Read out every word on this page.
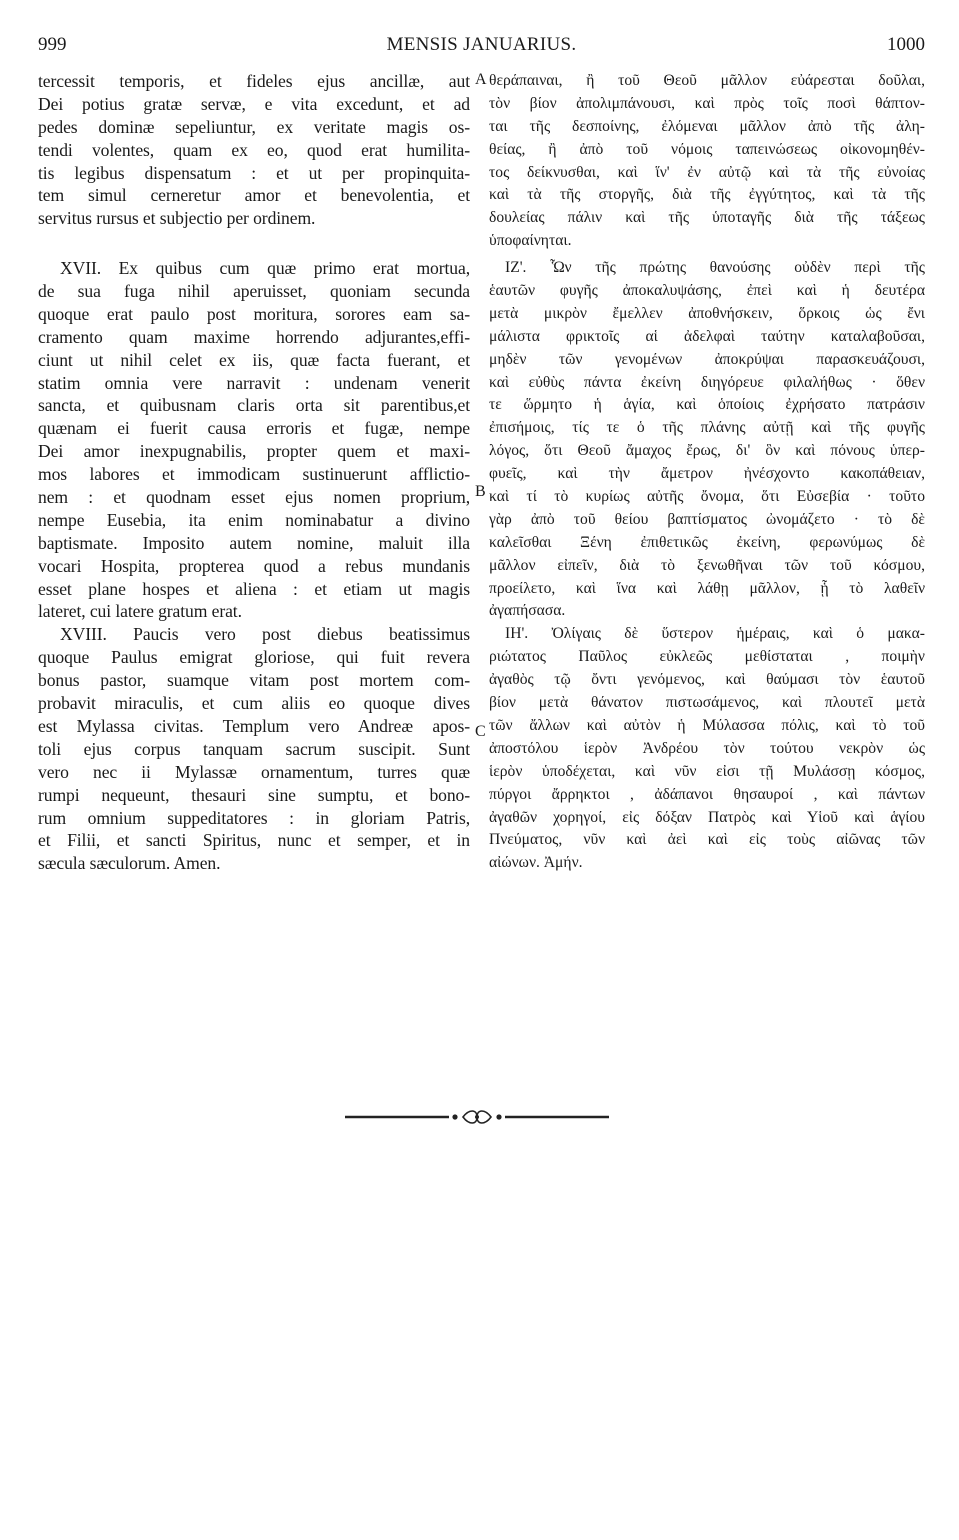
999	MENSIS JANUARIUS.	1000
A
B
C
tercessit temporis, et fideles ejus ancillæ, aut
Dei potius gratæ servæ, e vita excedunt, et ad
pedes dominæ sepeliuntur, ex veritate magis os-
tendi volentes, quam ex eo, quod erat humilita-
tis legibus dispensatum : et ut per propinquita-
tem simul cerneretur amor et benevolentia, et
servitus rursus et subjectio per ordinem.
XVII. Ex quibus cum quæ primo erat mortua,
de sua fuga nihil aperuisset, quoniam secunda
quoque erat paulo post moritura, sorores eam sa-
cramento quam maxime horrendo adjurantes,effi-
ciunt ut nihil celet ex iis, quæ facta fuerant, et
statim omnia vere narravit : undenam venerit
sancta, et quibusnam claris orta sit parentibus,et
quænam ei fuerit causa erroris et fugæ, nempe
Dei amor inexpugnabilis, propter quem et maxi-
mos labores et immodicam sustinuerunt afflictio-
nem : et quodnam esset ejus nomen proprium,
nempe Eusebia, ita enim nominabatur a divino
baptismate. Imposito autem nomine, maluit illa
vocari Hospita, propterea quod a rebus mundanis
esset plane hospes et aliena : et etiam ut magis
lateret, cui latere gratum erat.
XVIII. Paucis vero post diebus beatissimus
quoque Paulus emigrat gloriose, qui fuit revera
bonus pastor, suamque vitam post mortem com-
probavit miraculis, et cum aliis eo quoque dives
est Mylassa civitas. Templum vero Andreæ apos-
toli ejus corpus tanquam sacrum suscipit. Sunt
vero nec ii Mylassæ ornamentum, turres quæ
rumpi nequeunt, thesauri sine sumptu, et bono-
rum omnium suppeditatores : in gloriam Patris,
et Filii, et sancti Spiritus, nunc et semper, et in
sæcula sæculorum. Amen.
θεράπαιναι, ἢ τοῦ Θεοῦ μᾶλλον εὐάρεσται δοῦλαι,
τὸν βίον ἀπολιμπάνουσι, καὶ πρὸς τοῖς ποσὶ θάπτον-
ται τῆς δεσποίνης, ἐλόμεναι μᾶλλον ἀπὸ τῆς ἀλη-
θείας, ἢ ἀπὸ τοῦ νόμοις ταπεινώσεως οἰκονομηθέν-
τος δείκνυσθαι, καὶ ἵν' ἐν αὐτῷ καὶ τὰ τῆς εὐνοίας
καὶ τὰ τῆς στοργῆς, διὰ τῆς ἐγγύτητος, καὶ τὰ τῆς
δουλείας πάλιν καὶ τῆς ὑποταγῆς διὰ τῆς τάξεως
ὑποφαίνηται.
ΙΖ'. Ὧν τῆς πρώτης θανούσης οὐδὲν περὶ τῆς
ἑαυτῶν φυγῆς ἀποκαλυψάσης, ἐπεὶ καὶ ἡ δευτέρα
μετὰ μικρὸν ἔμελλεν ἀποθνήσκειν, ὅρκοις ὡς ἔνι
μάλιστα φρικτοῖς αἱ ἀδελφαὶ ταύτην καταλαβοῦσαι,
μηδὲν τῶν γενομένων ἀποκρύψαι παρασκευάζουσι,
καὶ εὐθὺς πάντα ἐκείνη διηγόρευε φιλαλήθως · ὅθεν
τε ὥρμητο ἡ ἁγία, καὶ ὁποίοις ἐχρήσατο πατράσιν
ἐπισήμοις, τίς τε ὁ τῆς πλάνης αὐτῇ καὶ τῆς φυγῆς
λόγος, ὅτι Θεοῦ ἄμαχος ἔρως, δι' ὃν καὶ πόνους ὑπερ-
φυεῖς, καὶ τὴν ἄμετρον ἠνέσχοντο κακοπάθειαν,
καὶ τί τὸ κυρίως αὐτῆς ὄνομα, ὅτι Εὐσεβία · τοῦτο
γὰρ ἀπὸ τοῦ θείου βαπτίσματος ὠνομάζετο · τὸ δὲ
καλεῖσθαι Ξένη ἐπιθετικῶς ἐκείνη, φερωνύμως δὲ
μᾶλλον εἰπεῖν, διὰ τὸ ξενωθῆναι τῶν τοῦ κόσμου,
προείλετο, καὶ ἵνα καὶ λάθῃ μᾶλλον, ᾗ τὸ λαθεῖν
ἀγαπήσασα.
ΙΗ'. Ὀλίγαις δὲ ὕστερον ἡμέραις, καὶ ὁ μακα-
ριώτατος Παῦλος εὐκλεῶς μεθίσταται , ποιμὴν
ἀγαθὸς τῷ ὄντι γενόμενος, καὶ θαύμασι τὸν ἑαυτοῦ
βίον μετὰ θάνατον πιστωσάμενος, καὶ πλουτεῖ μετὰ
τῶν ἄλλων καὶ αὐτὸν ἡ Μύλασσα πόλις, καὶ τὸ τοῦ
ἀποστόλου ἱερὸν Ἀνδρέου τὸν τούτου νεκρὸν ὡς
ἱερὸν ὑποδέχεται, καὶ νῦν εἰσι τῇ Μυλάσσῃ κόσμος,
πύργοι ἄρρηκτοι , ἀδάπανοι θησαυροί , καὶ πάντων
ἀγαθῶν χορηγοί, εἰς δόξαν Πατρὸς καὶ Υἱοῦ καὶ ἁγίου
Πνεύματος, νῦν καὶ ἀεὶ καὶ εἰς τοὺς αἰῶνας τῶν
αἰώνων. Ἀμήν.
